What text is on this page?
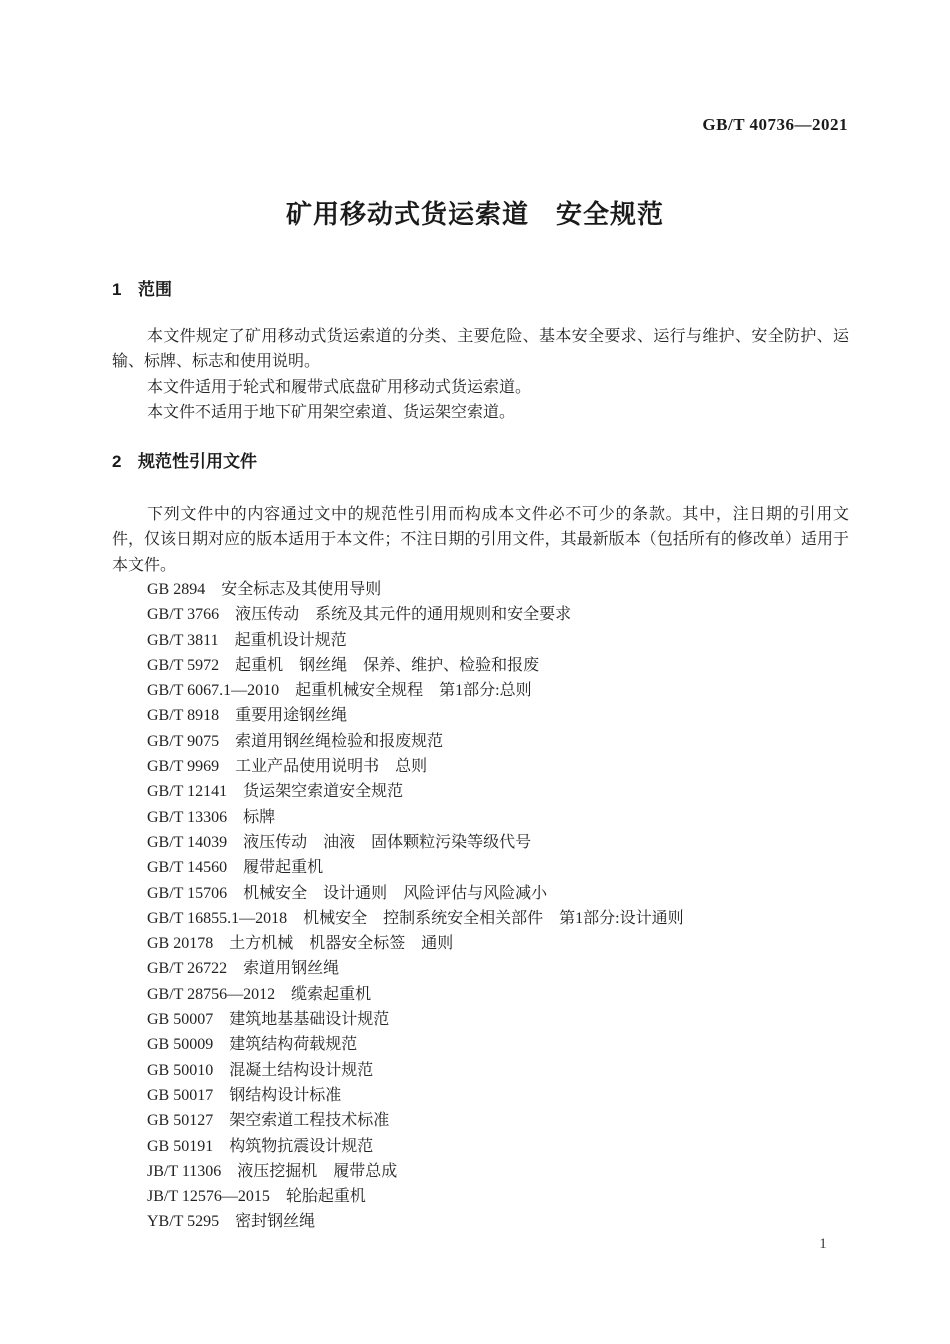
GB/T 40736—2021
矿用移动式货运索道　安全规范
1 范围

本文件规定了矿用移动式货运索道的分类、主要危险、基本安全要求、运行与维护、安全防护、运输、标牌、标志和使用说明。

本文件适用于轮式和履带式底盘矿用移动式货运索道。

本文件不适用于地下矿用架空索道、货运架空索道。

2 规范性引用文件

下列文件中的内容通过文中的规范性引用而构成本文件必不可少的条款。其中，注日期的引用文件，仅该日期对应的版本适用于本文件；不注日期的引用文件，其最新版本（包括所有的修改单）适用于本文件。

GB 2894 安全标志及其使用导则
GB/T 3766 液压传动　系统及其元件的通用规则和安全要求
GB/T 3811 起重机设计规范
GB/T 5972 起重机　钢丝绳　保养、维护、检验和报废
GB/T 6067.1—2010 起重机械安全规程　第1部分:总则
GB/T 8918 重要用途钢丝绳
GB/T 9075 索道用钢丝绳检验和报废规范
GB/T 9969 工业产品使用说明书　总则
GB/T 12141 货运架空索道安全规范
GB/T 13306 标牌
GB/T 14039 液压传动　油液　固体颗粒污染等级代号
GB/T 14560 履带起重机
GB/T 15706 机械安全　设计通则　风险评估与风险减小
GB/T 16855.1—2018 机械安全　控制系统安全相关部件　第1部分:设计通则
GB 20178 土方机械　机器安全标签　通则
GB/T 26722 索道用钢丝绳
GB/T 28756—2012 缆索起重机
GB 50007 建筑地基基础设计规范
GB 50009 建筑结构荷载规范
GB 50010 混凝土结构设计规范
GB 50017 钢结构设计标准
GB 50127 架空索道工程技术标准
GB 50191 构筑物抗震设计规范
JB/T 11306 液压挖掘机　履带总成
JB/T 12576—2015 轮胎起重机
YB/T 5295 密封钢丝绳
1
